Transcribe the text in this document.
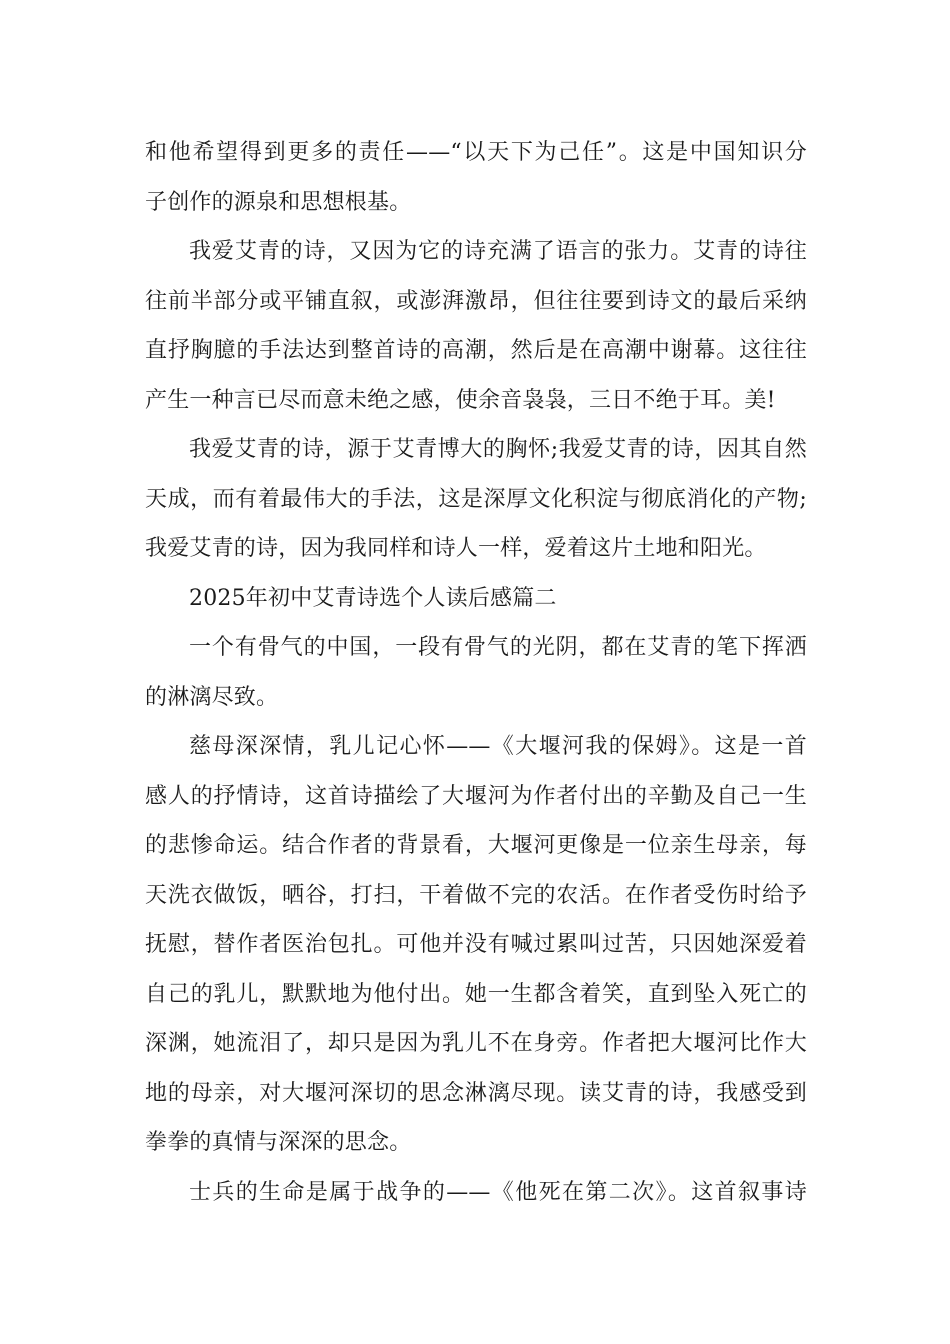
和他希望得到更多的责任——“以天下为己任”。这是中国知识分
子创作的源泉和思想根基。
我爱艾青的诗，又因为它的诗充满了语言的张力。艾青的诗往
往前半部分或平铺直叙，或澎湃激昂，但往往要到诗文的最后采纳
直抒胸臆的手法达到整首诗的高潮，然后是在高潮中谢幕。这往往
产生一种言已尽而意未绝之感，使余音袅袅，三日不绝于耳。美!
我爱艾青的诗，源于艾青博大的胸怀;我爱艾青的诗，因其自然
天成，而有着最伟大的手法，这是深厚文化积淀与彻底消化的产物;
我爱艾青的诗，因为我同样和诗人一样，爱着这片土地和阳光。
2025年初中艾青诗选个人读后感篇二
一个有骨气的中国，一段有骨气的光阴，都在艾青的笔下挥洒
的淋漓尽致。
慈母深深情，乳儿记心怀——《大堰河我的保姆》。这是一首
感人的抒情诗，这首诗描绘了大堰河为作者付出的辛勤及自己一生
的悲惨命运。结合作者的背景看，大堰河更像是一位亲生母亲，每
天洗衣做饭，晒谷，打扫，干着做不完的农活。在作者受伤时给予
抚慰，替作者医治包扎。可他并没有喊过累叫过苦，只因她深爱着
自己的乳儿，默默地为他付出。她一生都含着笑，直到坠入死亡的
深渊，她流泪了，却只是因为乳儿不在身旁。作者把大堰河比作大
地的母亲，对大堰河深切的思念淋漓尽现。读艾青的诗，我感受到
拳拳的真情与深深的思念。
士兵的生命是属于战争的——《他死在第二次》。这首叙事诗
